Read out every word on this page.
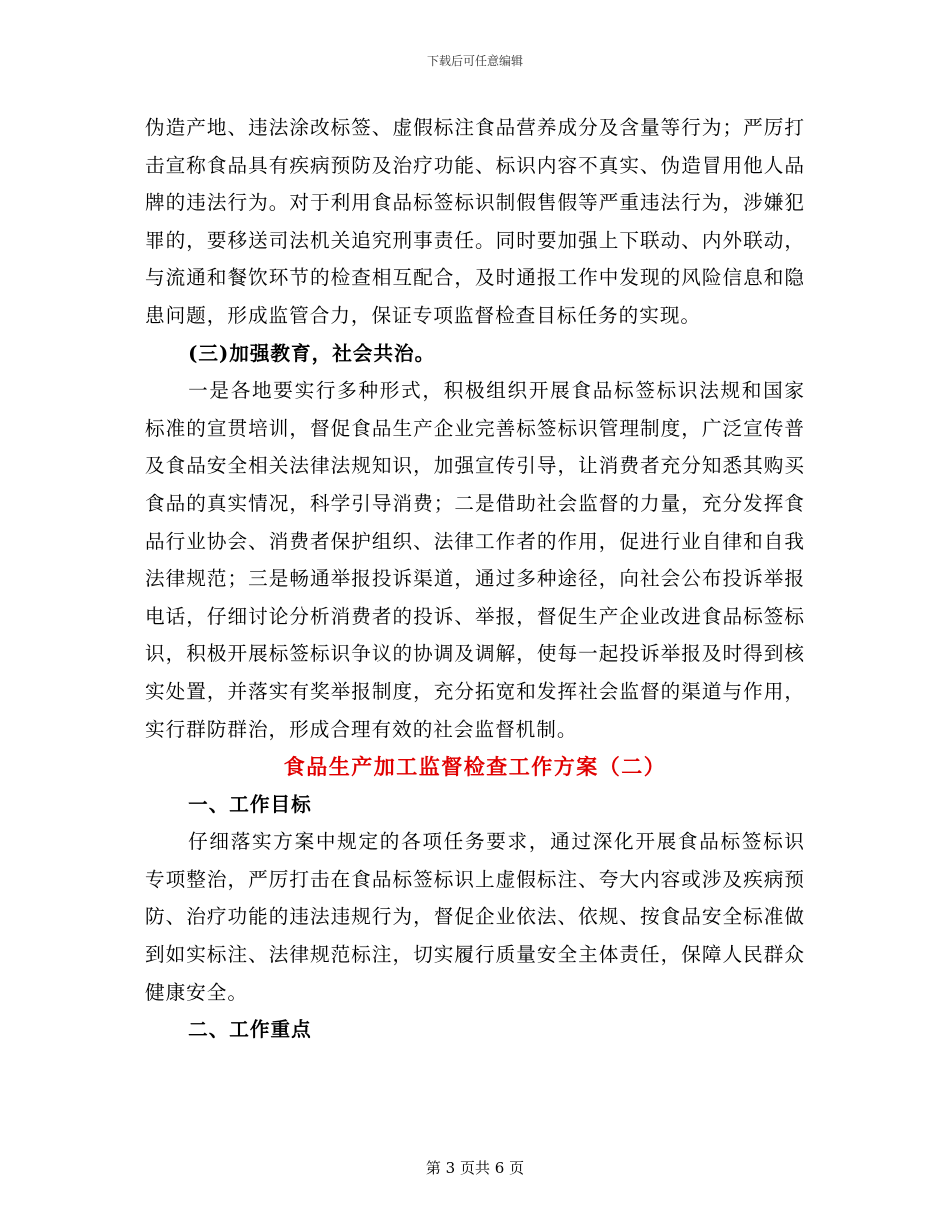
下载后可任意编辑

伪造产地、违法涂改标签、虚假标注食品营养成分及含量等行为；严厉打击宣称食品具有疾病预防及治疗功能、标识内容不真实、伪造冒用他人品牌的违法行为。对于利用食品标签标识制假售假等严重违法行为，涉嫌犯罪的，要移送司法机关追究刑事责任。同时要加强上下联动、内外联动，与流通和餐饮环节的检查相互配合，及时通报工作中发现的风险信息和隐患问题，形成监管合力，保证专项监督检查目标任务的实现。

(三)加强教育，社会共治。

一是各地要实行多种形式，积极组织开展食品标签标识法规和国家标准的宣贯培训，督促食品生产企业完善标签标识管理制度，广泛宣传普及食品安全相关法律法规知识，加强宣传引导，让消费者充分知悉其购买食品的真实情况，科学引导消费；二是借助社会监督的力量，充分发挥食品行业协会、消费者保护组织、法律工作者的作用，促进行业自律和自我法律规范；三是畅通举报投诉渠道，通过多种途径，向社会公布投诉举报电话，仔细讨论分析消费者的投诉、举报，督促生产企业改进食品标签标识，积极开展标签标识争议的协调及调解，使每一起投诉举报及时得到核实处置，并落实有奖举报制度，充分拓宽和发挥社会监督的渠道与作用，实行群防群治，形成合理有效的社会监督机制。

食品生产加工监督检查工作方案（二）

一、工作目标

仔细落实方案中规定的各项任务要求，通过深化开展食品标签标识专项整治，严厉打击在食品标签标识上虚假标注、夸大内容或涉及疾病预防、治疗功能的违法违规行为，督促企业依法、依规、按食品安全标准做到如实标注、法律规范标注，切实履行质量安全主体责任，保障人民群众健康安全。

二、工作重点

第 3 页共 6 页
